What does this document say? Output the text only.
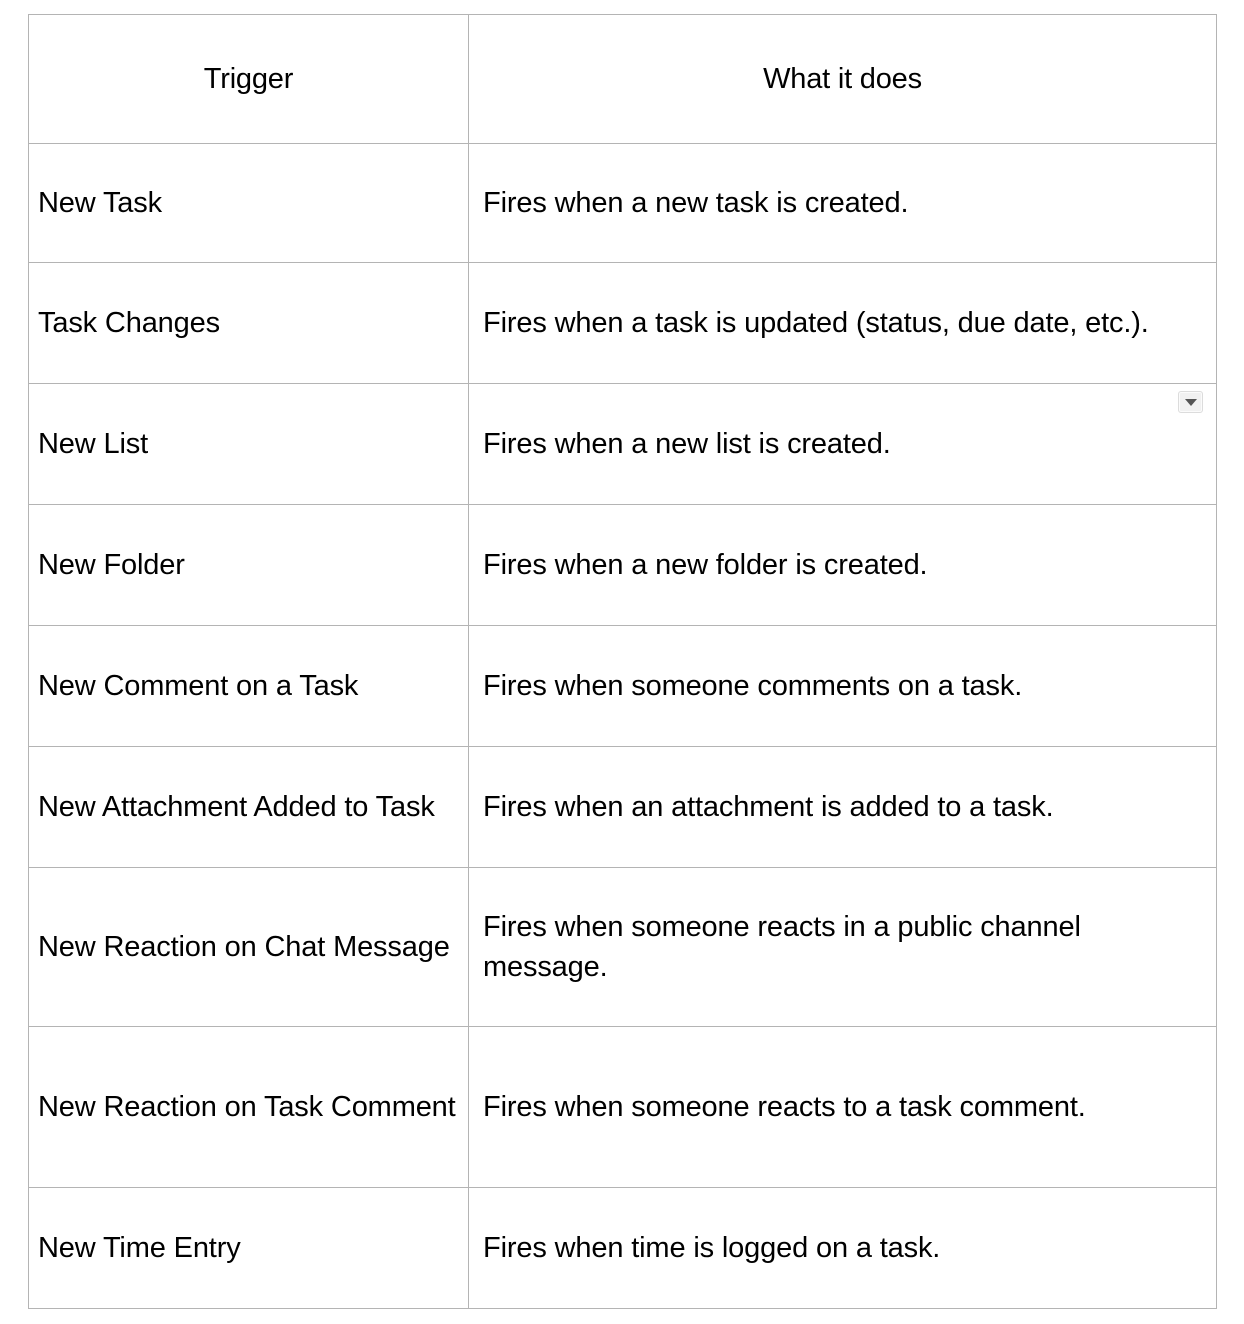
Trigger	What it does
New Task	Fires when a new task is created.
Task Changes	Fires when a task is updated (status, due date, etc.).
New List	Fires when a new list is created.
New Folder	Fires when a new folder is created.
New Comment on a Task	Fires when someone comments on a task.
New Attachment Added to Task	Fires when an attachment is added to a task.
New Reaction on Chat Message	Fires when someone reacts in a public channel message.
New Reaction on Task Comment	Fires when someone reacts to a task comment.
New Time Entry	Fires when time is logged on a task.
